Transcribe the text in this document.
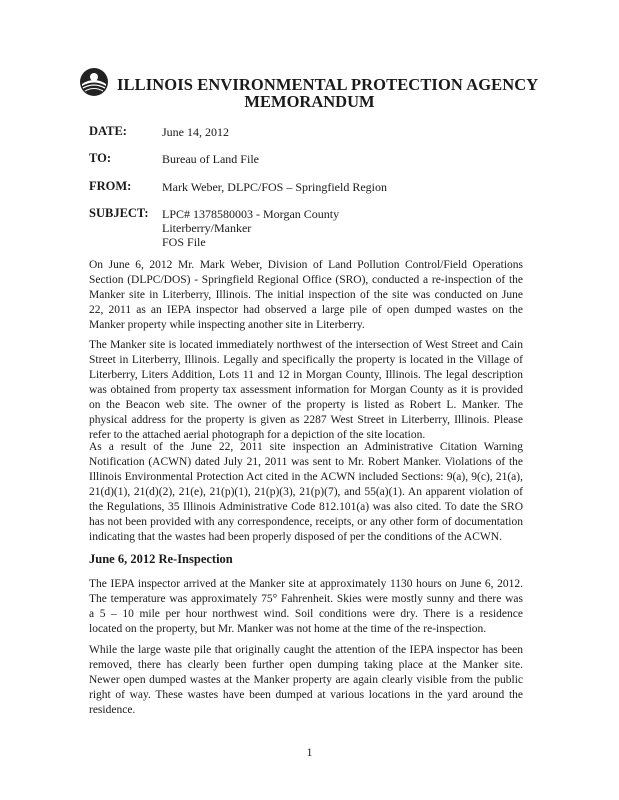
ILLINOIS ENVIRONMENTAL PROTECTION AGENCY
MEMORANDUM
DATE:	June 14, 2012
TO:	Bureau of Land File
FROM:	Mark Weber, DLPC/FOS – Springfield Region
SUBJECT: LPC# 1378580003 - Morgan County
Literberry/Manker
FOS File
On June 6, 2012 Mr. Mark Weber, Division of Land Pollution Control/Field Operations
Section (DLPC/DOS) - Springfield Regional Office (SRO), conducted a re-inspection of the
Manker site in Literberry, Illinois. The initial inspection of the site was conducted on June
22, 2011 as an IEPA inspector had observed a large pile of open dumped wastes on the
Manker property while inspecting another site in Literberry.
The Manker site is located immediately northwest of the intersection of West Street and Cain
Street in Literberry, Illinois. Legally and specifically the property is located in the Village of
Literberry, Liters Addition, Lots 11 and 12 in Morgan County, Illinois. The legal description
was obtained from property tax assessment information for Morgan County as it is provided
on the Beacon web site. The owner of the property is listed as Robert L. Manker. The
physical address for the property is given as 2287 West Street in Literberry, Illinois. Please
refer to the attached aerial photograph for a depiction of the site location.
As a result of the June 22, 2011 site inspection an Administrative Citation Warning
Notification (ACWN) dated July 21, 2011 was sent to Mr. Robert Manker. Violations of the
Illinois Environmental Protection Act cited in the ACWN included Sections: 9(a), 9(c), 21(a),
21(d)(1), 21(d)(2), 21(e), 21(p)(1), 21(p)(3), 21(p)(7), and 55(a)(1). An apparent violation of
the Regulations, 35 Illinois Administrative Code 812.101(a) was also cited. To date the SRO
has not been provided with any correspondence, receipts, or any other form of documentation
indicating that the wastes had been properly disposed of per the conditions of the ACWN.
June 6, 2012 Re-Inspection
The IEPA inspector arrived at the Manker site at approximately 1130 hours on June 6, 2012.
The temperature was approximately 75° Fahrenheit. Skies were mostly sunny and there was
a 5 – 10 mile per hour northwest wind. Soil conditions were dry. There is a residence
located on the property, but Mr. Manker was not home at the time of the re-inspection.
While the large waste pile that originally caught the attention of the IEPA inspector has been
removed, there has clearly been further open dumping taking place at the Manker site.
Newer open dumped wastes at the Manker property are again clearly visible from the public
right of way. These wastes have been dumped at various locations in the yard around the
residence.
1
